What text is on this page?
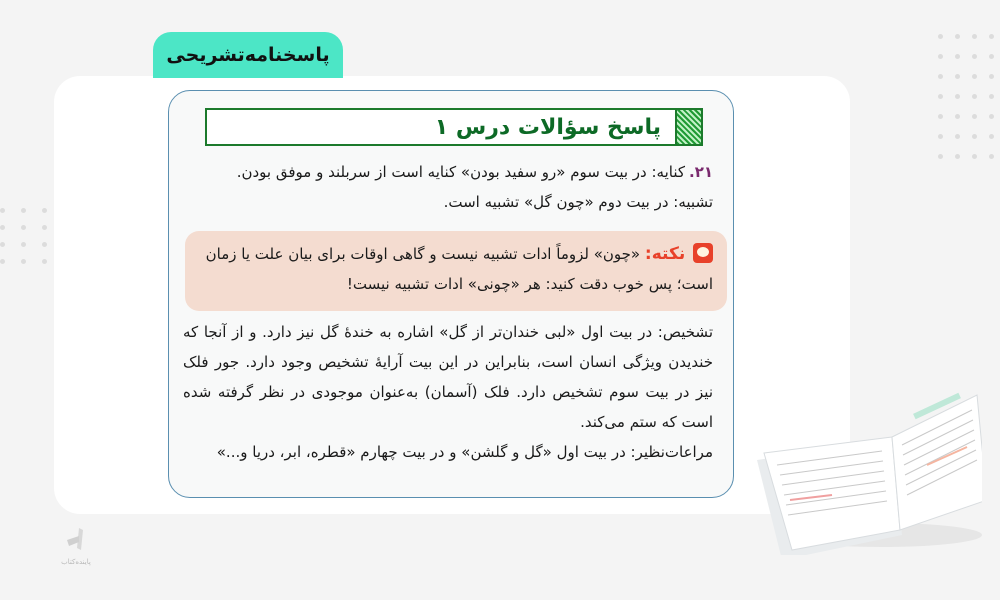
پاسخنامه‌تشریحی
پاسخ سؤالات درس ۱
۲۱.کنایه: در بیت سوم «رو سفید بودن» کنایه است از سربلند و موفق بودن.
تشبیه: در بیت دوم «چون گل» تشبیه است.
نکته: «چون» لزوماً ادات تشبیه نیست و گاهی اوقات برای بیان علت یا زمان است؛ پس خوب دقت کنید: هر «چونی» ادات تشبیه نیست!
تشخیص: در بیت اول «لبی خندان‌تر از گل» اشاره به خندهٔ گل نیز دارد. و از آنجا که خندیدن ویژگی انسان است، بنابراین در این بیت آرایهٔ تشخیص وجود دارد. جور فلک نیز در بیت سوم تشخیص دارد. فلک (آسمان) به‌عنوان موجودی در نظر گرفته شده است که ستم می‌کند.
مراعات‌نظیر: در بیت اول «گل و گلشن» و در بیت چهارم «قطره، ابر، دریا و...»
پاینده‌کتاب
